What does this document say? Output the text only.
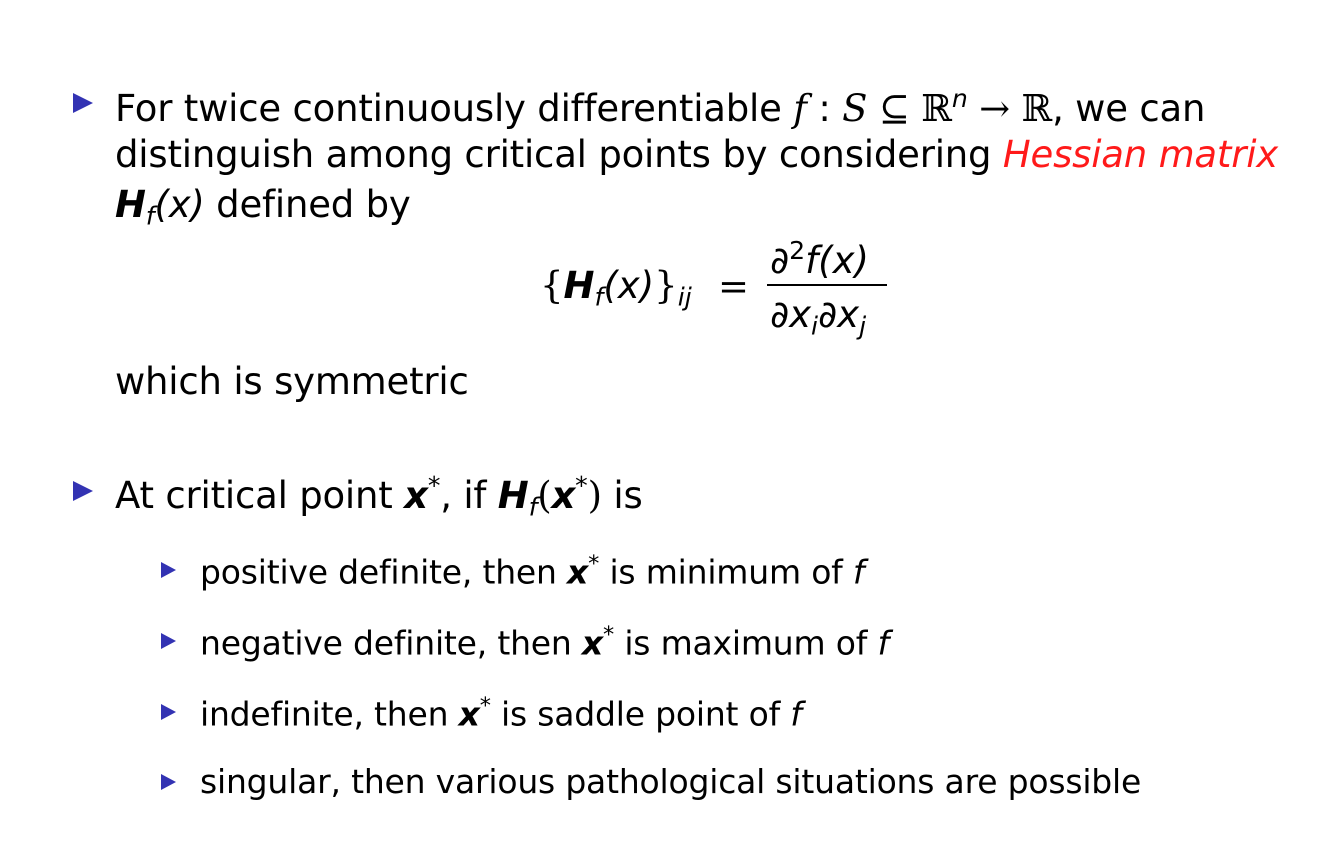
For twice continuously differentiable f : S ⊆ ℝ$^n$ → ℝ, we can
distinguish among critical points by considering Hessian matrix
$H_f(x)$ defined by
$\{H_f(x)\}_{ij}$ =
∂$^2$f(x)
$\partial x_i\partial x_j$
which is symmetric
At critical point x*, if $H_f(x^*)$ is
positive definite, then x* is minimum of f
negative definite, then x* is maximum of f
indefinite, then x* is saddle point of f
singular, then various pathological situations are possible
